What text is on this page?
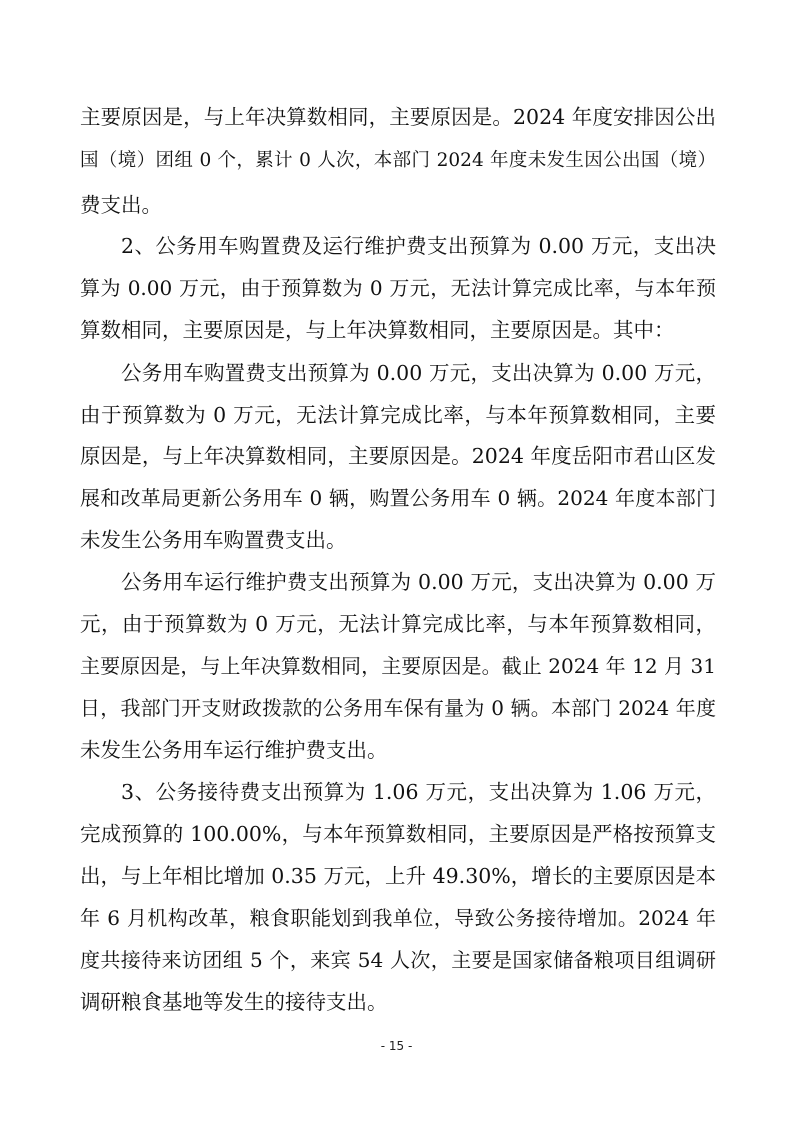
主要原因是，与上年决算数相同，主要原因是。2024 年度安排因公出
国（境）团组 0 个，累计 0 人次，本部门 2024 年度未发生因公出国（境）
费支出。
2、公务用车购置费及运行维护费支出预算为 0.00 万元，支出决
算为 0.00 万元，由于预算数为 0 万元，无法计算完成比率，与本年预
算数相同，主要原因是，与上年决算数相同，主要原因是。其中：
公务用车购置费支出预算为 0.00 万元，支出决算为 0.00 万元，
由于预算数为 0 万元，无法计算完成比率，与本年预算数相同，主要
原因是，与上年决算数相同，主要原因是。2024 年度岳阳市君山区发
展和改革局更新公务用车 0 辆，购置公务用车 0 辆。2024 年度本部门
未发生公务用车购置费支出。
公务用车运行维护费支出预算为 0.00 万元，支出决算为 0.00 万
元，由于预算数为 0 万元，无法计算完成比率，与本年预算数相同，
主要原因是，与上年决算数相同，主要原因是。截止 2024 年 12 月 31
日，我部门开支财政拨款的公务用车保有量为 0 辆。本部门 2024 年度
未发生公务用车运行维护费支出。
3、公务接待费支出预算为 1.06 万元，支出决算为 1.06 万元，
完成预算的 100.00%，与本年预算数相同，主要原因是严格按预算支
出，与上年相比增加 0.35 万元，上升 49.30%，增长的主要原因是本
年 6 月机构改革，粮食职能划到我单位，导致公务接待增加。2024 年
度共接待来访团组 5 个，来宾 54 人次，主要是国家储备粮项目组调研
调研粮食基地等发生的接待支出。
- 15 -
